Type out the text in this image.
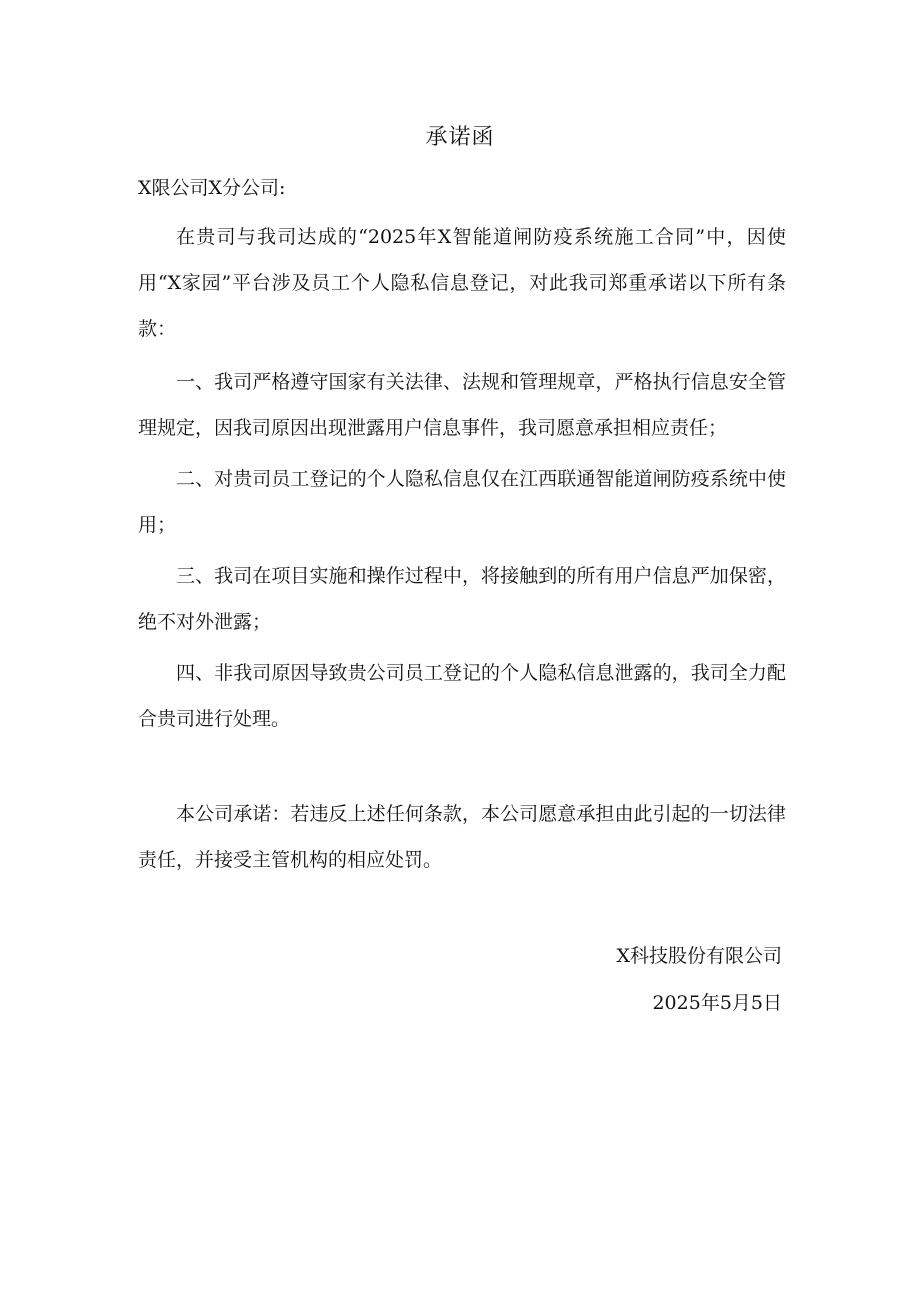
承诺函
X限公司X分公司:

在贵司与我司达成的“2025年X智能道闸防疫系统施工合同”中，因使用“X家园”平台涉及员工个人隐私信息登记，对此我司郑重承诺以下所有条款：

一、我司严格遵守国家有关法律、法规和管理规章，严格执行信息安全管理规定，因我司原因出现泄露用户信息事件，我司愿意承担相应责任；

二、对贵司员工登记的个人隐私信息仅在江西联通智能道闸防疫系统中使用；

三、我司在项目实施和操作过程中，将接触到的所有用户信息严加保密，绝不对外泄露；

四、非我司原因导致贵公司员工登记的个人隐私信息泄露的，我司全力配合贵司进行处理。

本公司承诺：若违反上述任何条款，本公司愿意承担由此引起的一切法律责任，并接受主管机构的相应处罚。

X科技股份有限公司
2025年5月5日
